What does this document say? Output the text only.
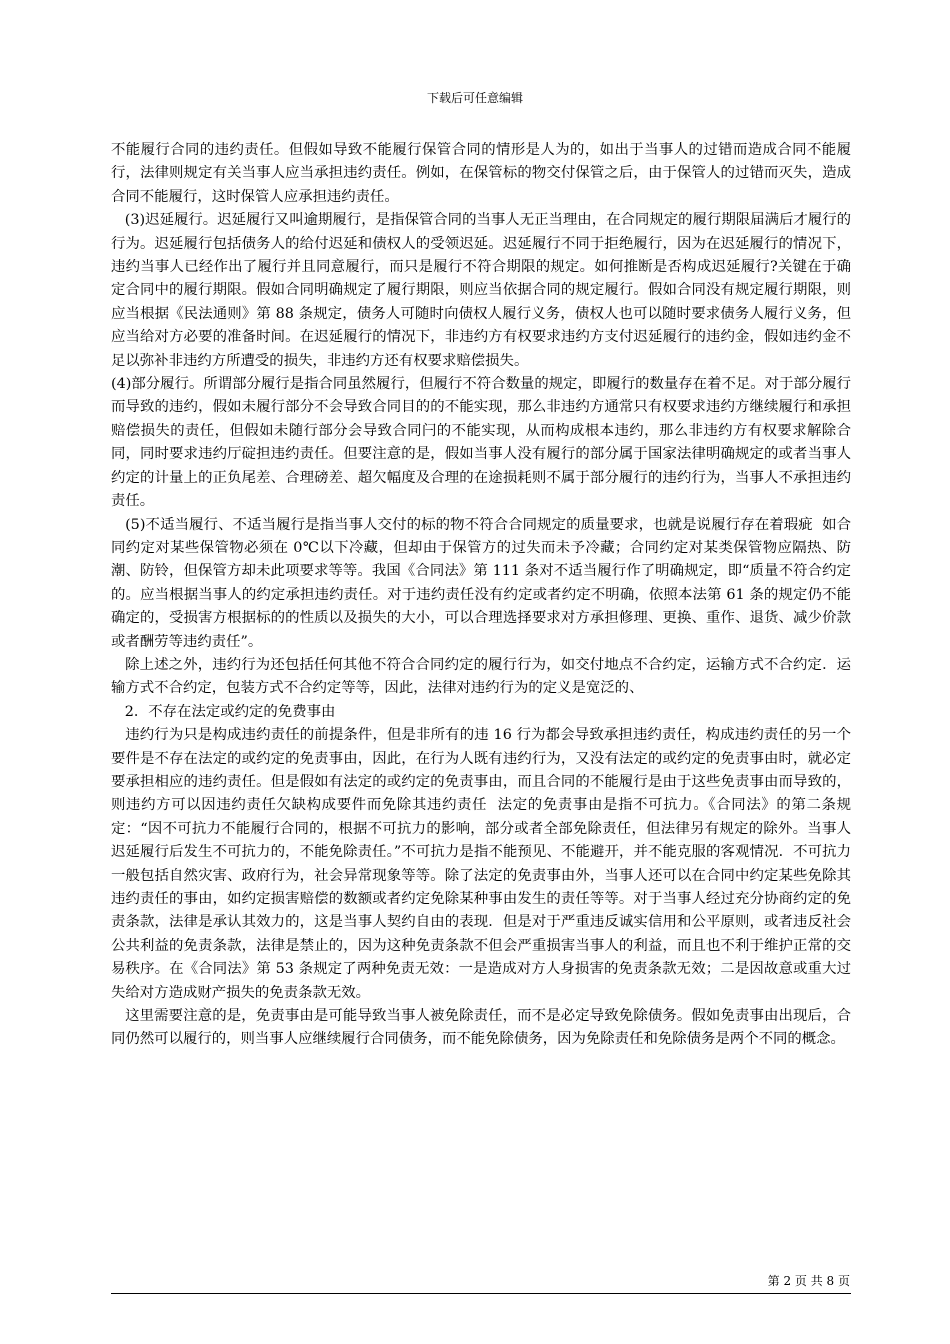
下载后可任意编辑

不能履行合同的违约责任。但假如导致不能履行保管合同的情形是人为的，如出于当事人的过错而造成合同不能履行，法律则规定有关当事人应当承担违约责任。例如，在保管标的物交付保管之后，由于保管人的过错而灭失，造成合同不能履行，这时保管人应承担违约责任。

(3)迟延履行。迟延履行又叫逾期履行，是指保管合同的当事人无正当理由，在合同规定的履行期限届满后才履行的行为。迟延履行包括债务人的给付迟延和债权人的受领迟延。迟延履行不同于拒绝履行，因为在迟延履行的情况下，违约当事人已经作出了履行并且同意履行，而只是履行不符合期限的规定。如何推断是否构成迟延履行?关键在于确定合同中的履行期限。假如合同明确规定了履行期限，则应当依据合同的规定履行。假如合同没有规定履行期限，则应当根据《民法通则》第 88 条规定，债务人可随时向债权人履行义务，债权人也可以随时要求债务人履行义务，但应当给对方必要的准备时间。在迟延履行的情况下，非违约方有权要求违约方支付迟延履行的违约金，假如违约金不足以弥补非违约方所遭受的损失，非违约方还有权要求赔偿损失。

(4)部分履行。所谓部分履行是指合同虽然履行，但履行不符合数量的规定，即履行的数量存在着不足。对于部分履行而导致的违约，假如未履行部分不会导致合同目的的不能实现，那么非违约方通常只有权要求违约方继续履行和承担赔偿损失的责任，但假如未随行部分会导致合同闩的不能实现，从而构成根本违约，那么非违约方有权要求解除合同，同时要求违约厅碇担违约责任。但要注意的是，假如当事人没有履行的部分属于国家法律明确规定的或者当事人约定的计量上的正负尾差、合理磅差、超欠幅度及合理的在途损耗则不属于部分履行的违约行为，当事人不承担违约责任。

(5)不适当履行、不适当履行是指当事人交付的标的物不符合合同规定的质量要求，也就是说履行存在着瑕疵  如合同约定对某些保管物必须在 0℃以下冷藏，但却由于保管方的过失而未予冷藏；合同约定对某类保管物应隔热、防潮、防铃，但保管方却未此项要求等等。我国《合同法》第 111 条对不适当履行作了明确规定，即“质量不符合约定的。应当根据当事人的约定承担违约责任。对于违约责任没有约定或者约定不明确，依照本法第 61 条的规定仍不能确定的，受损害方根据标的的性质以及损失的大小，可以合理选择要求对方承担修理、更换、重作、退货、减少价款或者酬劳等违约责任”。

除上述之外，违约行为还包括任何其他不符合合同约定的履行行为，如交付地点不合约定，运输方式不合约定．运输方式不合约定，包装方式不合约定等等，因此，法律对违约行为的定义是宽泛的、

2．不存在法定或约定的免费事由

违约行为只是构成违约责任的前提条件，但是非所有的违 16 行为都会导致承担违约责任，构成违约责任的另一个要件是不存在法定的或约定的免责事由，因此，在行为人既有违约行为，又没有法定的或约定的免责事由时，就必定要承担相应的违约责任。但是假如有法定的或约定的免责事由，而且合同的不能履行是由于这些免责事由而导致的，则违约方可以因违约责任欠缺构成要件而免除其违约责任  法定的免责事由是指不可抗力。《合同法》的第二条规定：“因不可抗力不能履行合同的，根据不可抗力的影响，部分或者全部免除责任，但法律另有规定的除外。当事人迟延履行后发生不可抗力的，不能免除责任。”不可抗力是指不能预见、不能避开，并不能克服的客观情况．不可抗力一般包括自然灾害、政府行为，社会异常现象等等。除了法定的免责事由外，当事人还可以在合同中约定某些免除其违约责任的事由，如约定损害赔偿的数额或者约定免除某种事由发生的责任等等。对于当事人经过充分协商约定的免责条款，法律是承认其效力的，这是当事人契约自由的表现．但是对于严重违反诚实信用和公平原则，或者违反社会公共利益的免责条款，法律是禁止的，因为这种免责条款不但会严重损害当事人的利益，而且也不利于维护正常的交易秩序。在《合同法》第 53 条规定了两种免责无效：一是造成对方人身损害的免责条款无效；二是因故意或重大过失给对方造成财产损失的免责条款无效。

这里需要注意的是，免责事由是可能导致当事人被免除责任，而不是必定导致免除债务。假如免责事由出现后，合同仍然可以履行的，则当事人应继续履行合同债务，而不能免除债务，因为免除责任和免除债务是两个不同的概念。

第 2 页 共 8 页
